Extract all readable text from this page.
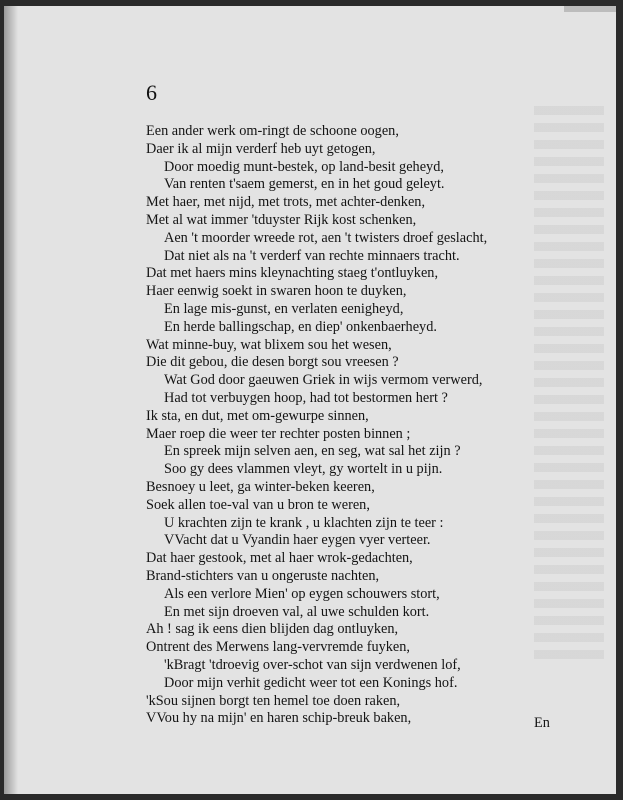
6
Een ander werk om-ringt de schoone oogen,
Daer ik al mijn verderf heb uyt getogen,
Door moedig munt-bestek, op land-besit geheyd,
Van renten t'saem gemerst, en in het goud geleyt.
Met haer, met nijd, met trots, met achter-denken,
Met al wat immer 'tduyster Rijk kost schenken,
Aen 't moorder wreede rot, aen 't twisters droef geslacht,
Dat niet als na 't verderf van rechte minnaers tracht.
Dat met haers mins kleynachting staeg t'ontluyken,
Haer eenwig soekt in swaren hoon te duyken,
En lage mis-gunst, en verlaten eenigheyd,
En herde ballingschap, en diep' onkenbaerheyd.
Wat minne-buy, wat blixem sou het wesen,
Die dit gebou, die desen borgt sou vreesen ?
Wat God door gaeuwen Griek in wijs vermom verwerd,
Had tot verbuygen hoop, had tot bestormen hert ?
Ik sta, en dut, met om-gewurpe sinnen,
Maer roep die weer ter rechter posten binnen ;
En spreek mijn selven aen, en seg, wat sal het zijn ?
Soo gy dees vlammen vleyt, gy wortelt in u pijn.
Besnoey u leet, ga winter-beken keeren,
Soek allen toe-val van u bron te weren,
U krachten zijn te krank , u klachten zijn te teer :
VVacht dat u Vyandin haer eygen vyer verteer.
Dat haer gestook, met al haer wrok-gedachten,
Brand-stichters van u ongeruste nachten,
Als een verlore Mien' op eygen schouwers stort,
En met sijn droeven val, al uwe schulden kort.
Ah ! sag ik eens dien blijden dag ontluyken,
Ontrent des Merwens lang-vervremde fuyken,
'kBragt 'tdroevig over-schot van sijn verdwenen lof,
Door mijn verhit gedicht weer tot een Konings hof.
'kSou sijnen borgt ten hemel toe doen raken,
VVou hy na mijn' en haren schip-breuk baken,	En
